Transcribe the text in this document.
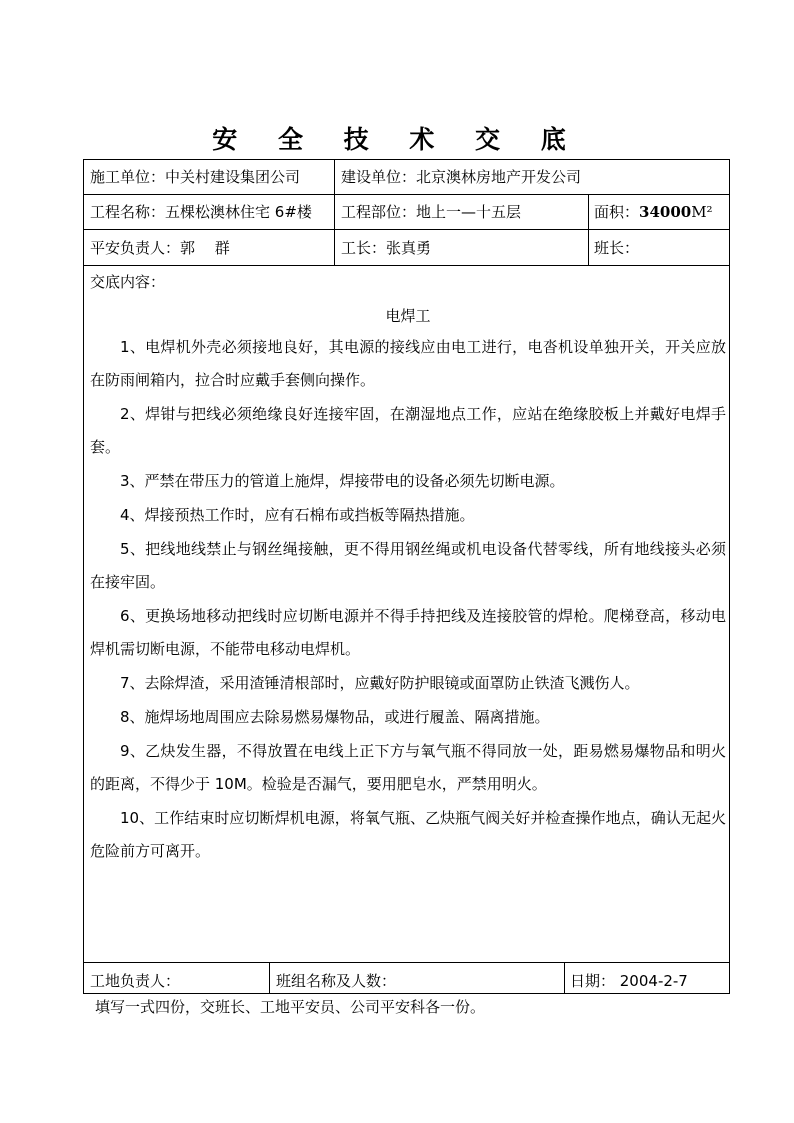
安 全 技 术 交 底
施工单位：中关村建设集团公司	建设单位：北京澳林房地产开发公司
工程名称：五棵松澳林住宅 6#楼 工程部位：地上一—十五层	面积：34000M²
平安负责人：郭　 群	工长：张真勇	班长：
交底内容：
电焊工

1、电焊机外壳必须接地良好，其电源的接线应由电工进行，电沓机设单独开关，开关应放在防雨闸箱内，拉合时应戴手套侧向操作。

2、焊钳与把线必须绝缘良好连接牢固，在潮湿地点工作，应站在绝缘胶板上并戴好电焊手套。

3、严禁在带压力的管道上施焊，焊接带电的设备必须先切断电源。

4、焊接预热工作时，应有石棉布或挡板等隔热措施。

5、把线地线禁止与钢丝绳接触，更不得用钢丝绳或机电设备代替零线，所有地线接头必须在接牢固。

6、更换场地移动把线时应切断电源并不得手持把线及连接胶管的焊枪。爬梯登高，移动电焊机需切断电源，不能带电移动电焊机。

7、去除焊渣，采用渣锤清根部时，应戴好防护眼镜或面罩防止铁渣飞溅伤人。

8、施焊场地周围应去除易燃易爆物品，或进行履盖、隔离措施。

9、乙炔发生器，不得放置在电线上正下方与氧气瓶不得同放一处，距易燃易爆物品和明火的距离，不得少于 10M。检验是否漏气，要用肥皂水，严禁用明火。

10、工作结束时应切断焊机电源，将氧气瓶、乙炔瓶气阀关好并检查操作地点，确认无起火危险前方可离开。

工地负责人：	班组名称及人数：	日期： 2004-2-7
填写一式四份，交班长、工地平安员、公司平安科各一份。
